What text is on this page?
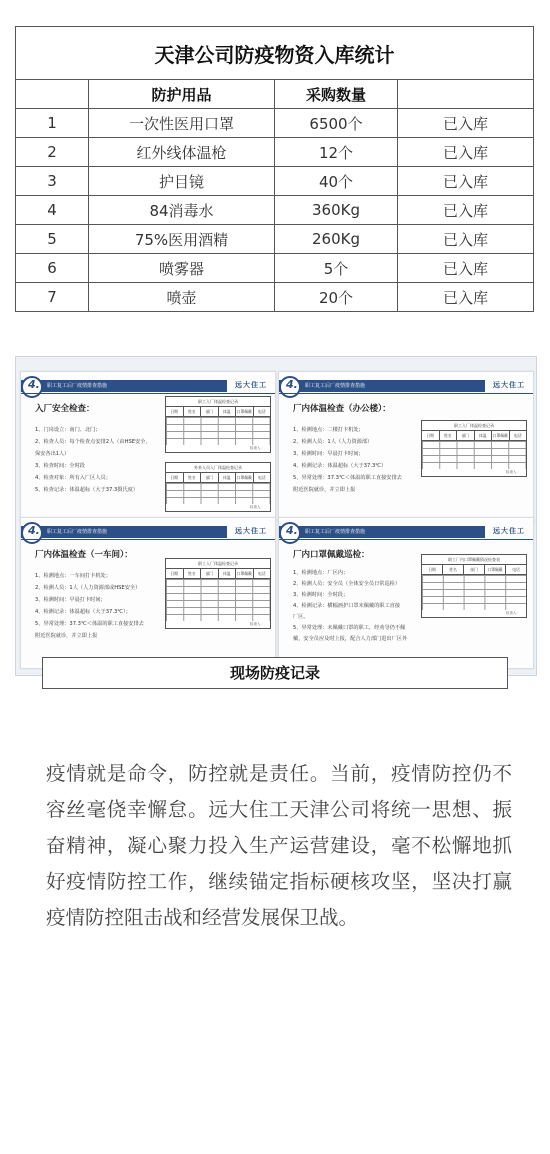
天津公司防疫物资入库统计			
	防护用品	采购数量	
1	一次性医用口罩	6500个	已入库
2	红外线体温枪	12个	已入库
3	护目镜	40个	已入库
4	84消毒水	360Kg	已入库
5	75%医用酒精	260Kg	已入库
6	喷雾器	5个	已入库
7	喷壶	20个	已入库
4. 职工复工后厂疫情排查措施	远大住工
入厂安全检查：
1、门岗设立：南门、北门；
2、检查人员：每个检查点安排2人（由HSE安全、
保安各出1人）
3、检查时间：全时段
4、检查对象：所有入厂区人员；
5、检查记录：体温超标（大于37.3摄氏度）
职工入厂体温检查记录
日期	姓名	部门	体温	口罩佩戴	电话
检查人：
外来人员入厂体温检查记录
日期	姓名	部门	体温	口罩佩戴	电话
检查人：
4. 职工复工后厂疫情排查措施	远大住工
厂内体温检查（办公楼）：
1、检测地点：二楼打卡机处；
2、检测人员：1人（人力资源部）
3、检测时间：早晨打卡时间；
4、检测记录：体温超标（大于37.3℃）
5、异常处理：37.3℃＜体温的职工直接安排去
附近医院就诊，并立即上报
职工入厂体温检查记录
日期	姓名	部门	体温	口罩佩戴	电话
检查人：
4. 职工复工后厂疫情排查措施	远大住工
厂内体温检查（一车间）：
1、检测地点：一车间打卡机处；
2、检测人员：1人（人力资源部或HSE安全）
3、检测时间：早晨打卡时间；
4、检测记录：体温超标（大于37.3℃）；
5、异常处理：37.3℃＜体温的职工直接安排去
附近医院就诊，并立即上报
职工入厂体温检查记录
日期	姓名	部门	体温	口罩佩戴	电话
检查人：
4. 职工复工后厂疫情排查措施	远大住工
厂内口罩佩戴巡检：
1、检测地点：厂区内；
2、检测人员：安全员（全体安全员日常巡检）
3、检测时间：全时段；
4、检测记录：横幅画护口罩未佩戴的职工直接
厂区。
5、异常处理：未佩戴口罩的职工，经劝导仍不佩
戴，安全员应及时上报，配合人力部门进出厂区外
职工厂内口罩佩戴情况检查表
日期	姓名	部门	口罩佩戴	电话
检查人：
现场防疫记录
疫情就是命令，防控就是责任。当前，疫情防控仍不容丝毫侥幸懈怠。远大住工天津公司将统一思想、振奋精神，凝心聚力投入生产运营建设，毫不松懈地抓好疫情防控工作，继续锚定指标硬核攻坚，坚决打赢疫情防控阻击战和经营发展保卫战。
